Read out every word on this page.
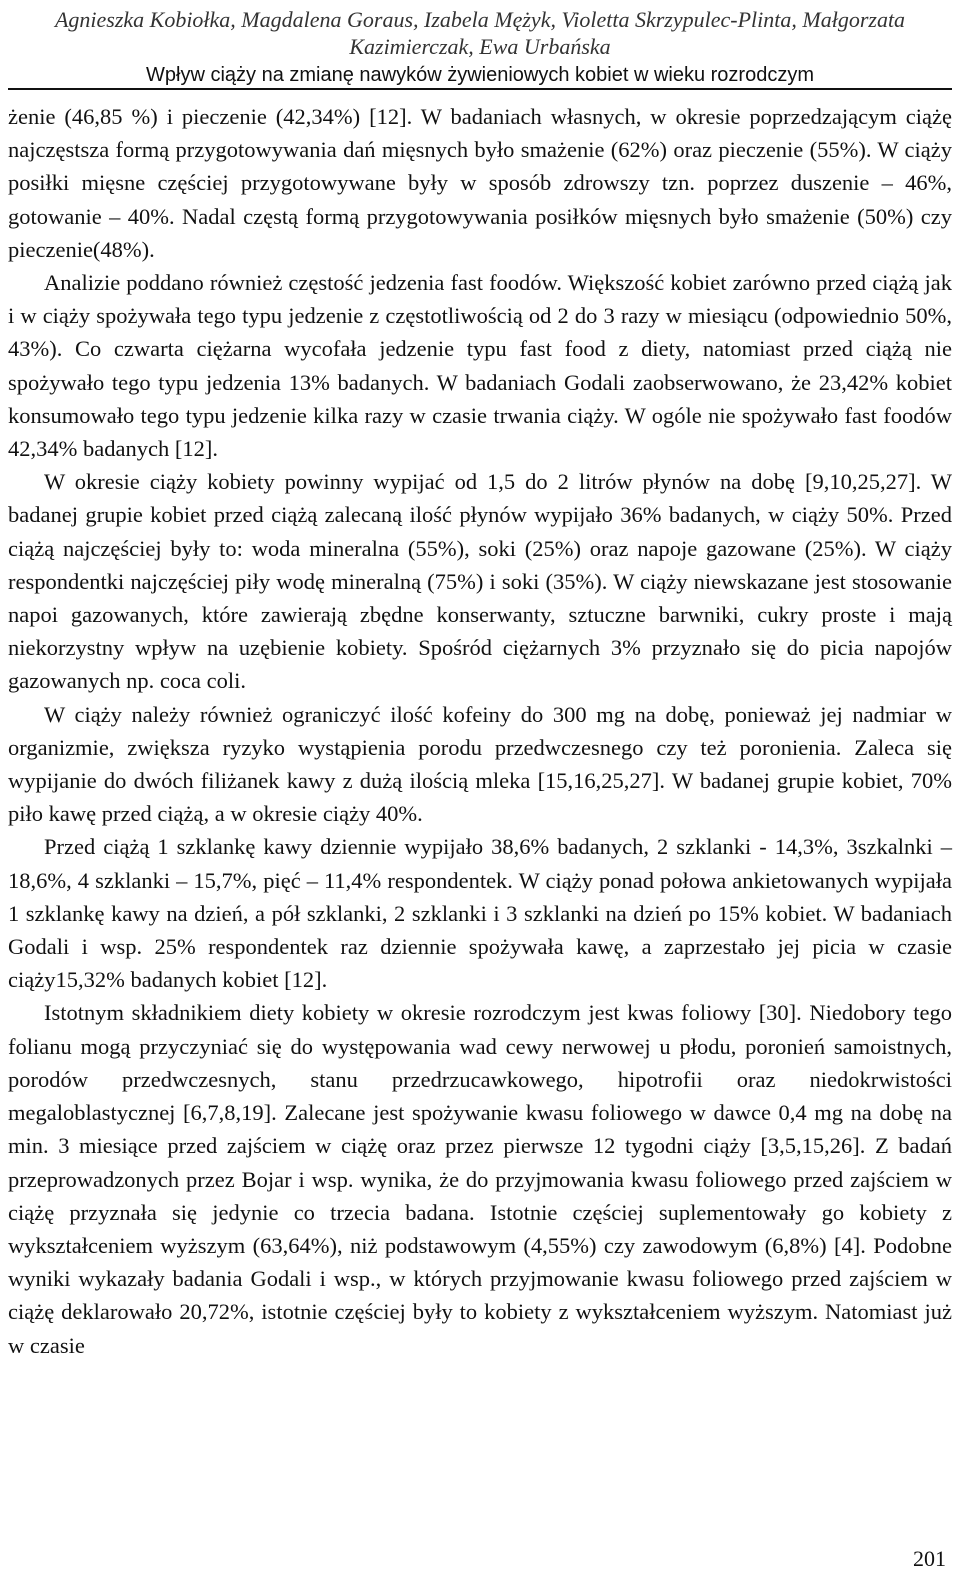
Agnieszka Kobiołka, Magdalena Goraus, Izabela Mężyk, Violetta Skrzypulec-Plinta, Małgorzata Kazimierczak, Ewa Urbańska
Wpływ ciąży na zmianę nawyków żywieniowych kobiet w wieku rozrodczym

żenie (46,85 %) i pieczenie (42,34%) [12]. W badaniach własnych, w okresie poprzedzającym ciążę najczęstsza formą przygotowywania dań mięsnych było smażenie (62%) oraz pieczenie (55%). W ciąży posiłki mięsne częściej przygotowywane były w sposób zdrowszy tzn. poprzez duszenie – 46%, gotowanie – 40%. Nadal częstą formą przygotowywania posiłków mięsnych było smażenie (50%) czy pieczenie(48%).

Analizie poddano również częstość jedzenia fast foodów. Większość kobiet zarówno przed ciążą jak i w ciąży spożywała tego typu jedzenie z częstotliwością od 2 do 3 razy w miesiącu (odpowiednio 50%, 43%). Co czwarta ciężarna wycofała jedzenie typu fast food z diety, natomiast przed ciążą nie spożywało tego typu jedzenia 13% badanych. W badaniach Godali zaobserwowano, że 23,42% kobiet konsumowało tego typu jedzenie kilka razy w czasie trwania ciąży. W ogóle nie spożywało fast foodów 42,34% badanych [12].

W okresie ciąży kobiety powinny wypijać od 1,5 do 2 litrów płynów na dobę [9,10,25,27]. W badanej grupie kobiet przed ciążą zalecaną ilość płynów wypijało 36% badanych, w ciąży 50%. Przed ciążą najczęściej były to: woda mineralna (55%), soki (25%) oraz napoje gazowane (25%). W ciąży respondentki najczęściej piły wodę mineralną (75%) i soki (35%). W ciąży niewskazane jest stosowanie napoi gazowanych, które zawierają zbędne konserwanty, sztuczne barwniki, cukry proste i mają niekorzystny wpływ na uzębienie kobiety. Spośród ciężarnych 3% przyznało się do picia napojów gazowanych np. coca coli.

W ciąży należy również ograniczyć ilość kofeiny do 300 mg na dobę, ponieważ jej nadmiar w organizmie, zwiększa ryzyko wystąpienia porodu przedwczesnego czy też poronienia. Zaleca się wypijanie do dwóch filiżanek kawy z dużą ilością mleka [15,16,25,27]. W badanej grupie kobiet, 70% piło kawę przed ciążą, a w okresie ciąży 40%.

Przed ciążą 1 szklankę kawy dziennie wypijało 38,6% badanych, 2 szklanki - 14,3%, 3szkalnki – 18,6%, 4 szklanki – 15,7%, pięć – 11,4% respondentek. W ciąży ponad połowa ankietowanych wypijała 1 szklankę kawy na dzień, a pół szklanki, 2 szklanki i 3 szklanki na dzień po 15% kobiet. W badaniach Godali i wsp. 25% respondentek raz dziennie spożywała kawę, a zaprzestało jej picia w czasie ciąży15,32% badanych kobiet [12].

Istotnym składnikiem diety kobiety w okresie rozrodczym jest kwas foliowy [30]. Niedobory tego folianu mogą przyczyniać się do występowania wad cewy nerwowej u płodu, poronień samoistnych, porodów przedwczesnych, stanu przedrzucawkowego, hipotrofii oraz niedokrwistości megaloblastycznej [6,7,8,19]. Zalecane jest spożywanie kwasu foliowego w dawce 0,4 mg na dobę na min. 3 miesiące przed zajściem w ciążę oraz przez pierwsze 12 tygodni ciąży [3,5,15,26]. Z badań przeprowadzonych przez Bojar i wsp. wynika, że do przyjmowania kwasu foliowego przed zajściem w ciążę przyznała się jedynie co trzecia badana. Istotnie częściej suplementowały go kobiety z wykształceniem wyższym (63,64%), niż podstawowym (4,55%) czy zawodowym (6,8%) [4]. Podobne wyniki wykazały badania Godali i wsp., w których przyjmowanie kwasu foliowego przed zajściem w ciążę deklarowało 20,72%, istotnie częściej były to kobiety z wykształceniem wyższym. Natomiast już w czasie

201
